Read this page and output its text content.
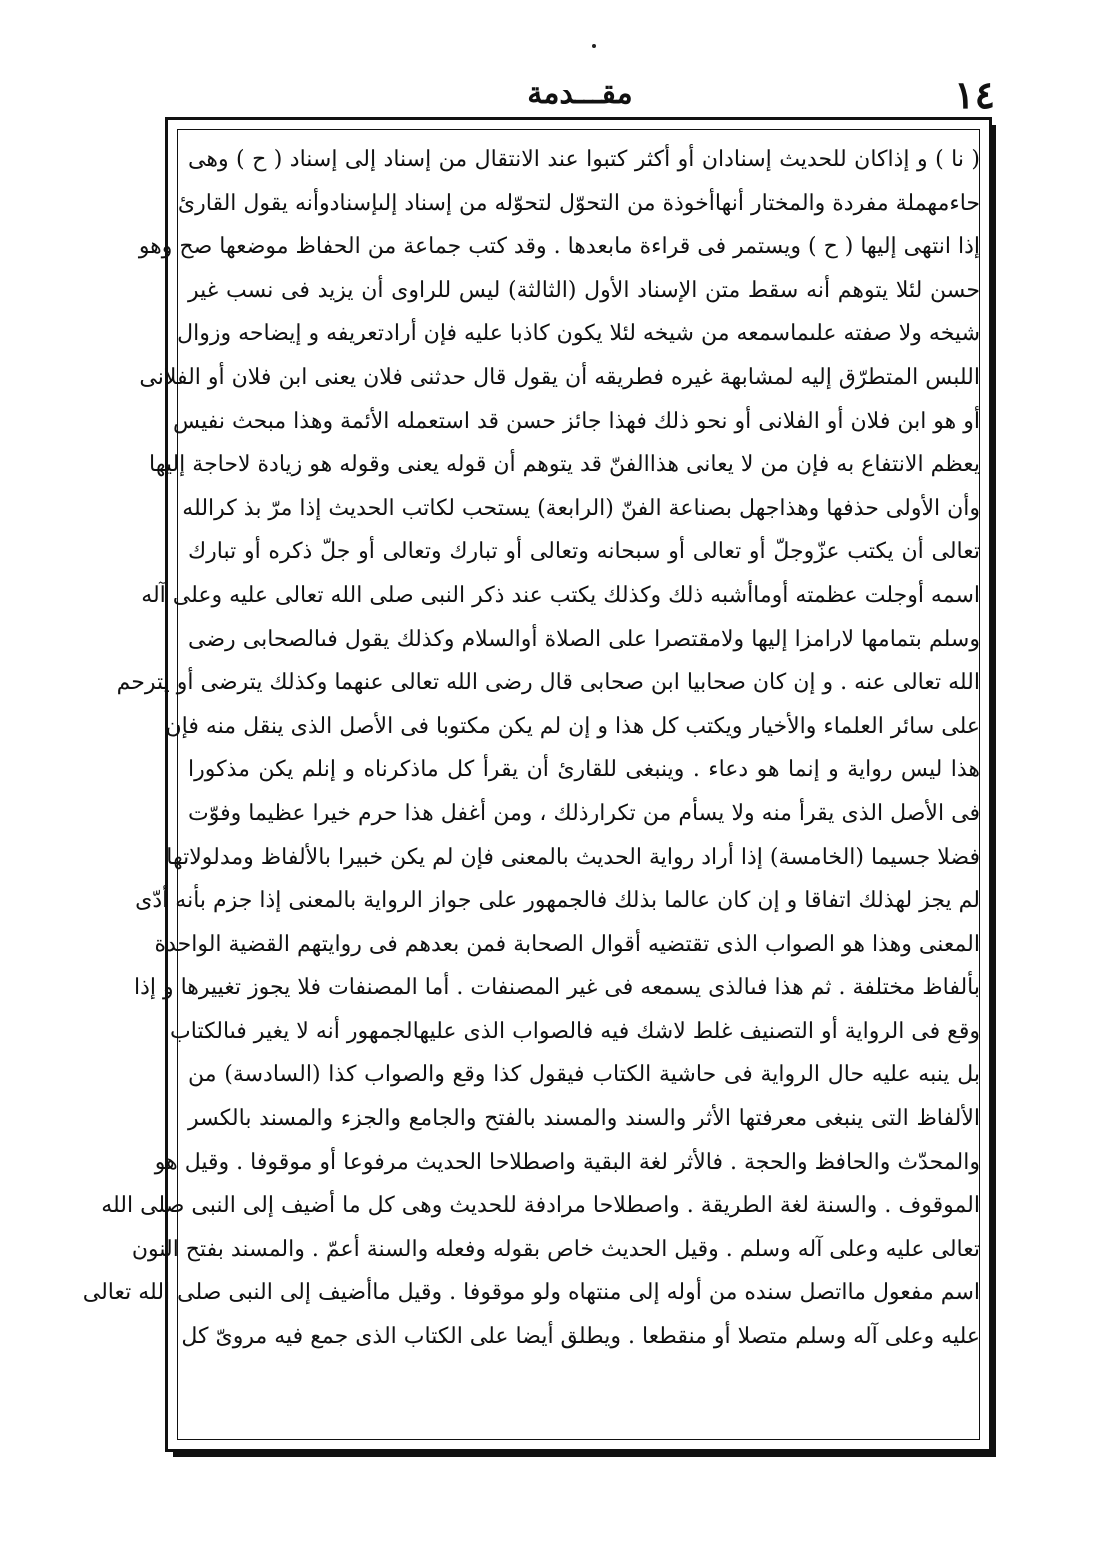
١٤
مقـــدمة
( نا ) و إذاكان للحديث إسنادان أو أكثر كتبوا عند الانتقال من إسناد إلى إسناد ( ح ) وهى
حاءمهملة مفردة والمختار أنهاأخوذة من التحوّل لتحوّله من إسناد إلىإسنادوأنه يقول القارئ
إذا انتهى إليها ( ح ) ويستمر فى قراءة مابعدها . وقد كتب جماعة من الحفاظ موضعها صح وهو
حسن لئلا يتوهم أنه سقط متن الإسناد الأول (الثالثة) ليس للراوى أن يزيد فى نسب غير
شيخه ولا صفته علىماسمعه من شيخه لئلا يكون كاذبا عليه فإن أرادتعريفه و إيضاحه وزوال
اللبس المتطرّق إليه لمشابهة غيره فطريقه أن يقول قال حدثنى فلان يعنى ابن فلان أو الفلانى
أو هو ابن فلان أو الفلانى أو نحو ذلك فهذا جائز حسن قد استعمله الأئمة وهذا مبحث نفيس
يعظم الانتفاع به فإن من لا يعانى هذاالفنّ قد يتوهم أن قوله يعنى وقوله هو زيادة لاحاجة إليها
وأن الأولى حذفها وهذاجهل بصناعة الفنّ (الرابعة) يستحب لكاتب الحديث إذا مرّ بذ كرالله
تعالى أن يكتب عزّوجلّ أو تعالى أو سبحانه وتعالى أو تبارك وتعالى أو جلّ ذكره أو تبارك
اسمه أوجلت عظمته أوماأشبه ذلك وكذلك يكتب عند ذكر النبى صلى الله تعالى عليه وعلى آله
وسلم بتمامها لارامزا إليها ولامقتصرا على الصلاة أوالسلام وكذلك يقول فىالصحابى رضى
الله تعالى عنه . و إن كان صحابيا ابن صحابى قال رضى الله تعالى عنهما وكذلك يترضى أو يترحم
على سائر العلماء والأخيار ويكتب كل هذا و إن لم يكن مكتوبا فى الأصل الذى ينقل منه فإن
هذا ليس رواية و إنما هو دعاء . وينبغى للقارئ أن يقرأ كل ماذكرناه و إنلم يكن مذكورا
فى الأصل الذى يقرأ منه ولا يسأم من تكرارذلك ، ومن أغفل هذا حرم خيرا عظيما وفوّت
فضلا جسيما (الخامسة) إذا أراد رواية الحديث بالمعنى فإن لم يكن خبيرا بالألفاظ ومدلولاتها
لم يجز لهذلك اتفاقا و إن كان عالما بذلك فالجمهور على جواز الرواية بالمعنى إذا جزم بأنه أدّى
المعنى وهذا هو الصواب الذى تقتضيه أقوال الصحابة فمن بعدهم فى روايتهم القضية الواحدة
بألفاظ مختلفة . ثم هذا فىالذى يسمعه فى غير المصنفات . أما المصنفات فلا يجوز تغييرها و إذا
وقع فى الرواية أو التصنيف غلط لاشك فيه فالصواب الذى عليهالجمهور أنه لا يغير فىالكتاب
بل ينبه عليه حال الرواية فى حاشية الكتاب فيقول كذا وقع والصواب كذا (السادسة) من
الألفاظ التى ينبغى معرفتها الأثر والسند والمسند بالفتح والجامع والجزء والمسند بالكسر
والمحدّث والحافظ والحجة . فالأثر لغة البقية واصطلاحا الحديث مرفوعا أو موقوفا . وقيل هو
الموقوف . والسنة لغة الطريقة . واصطلاحا مرادفة للحديث وهى كل ما أضيف إلى النبى صلى الله
تعالى عليه وعلى آله وسلم . وقيل الحديث خاص بقوله وفعله والسنة أعمّ . والمسند بفتح النون
اسم مفعول مااتصل سنده من أوله إلى منتهاه ولو موقوفا . وقيل ماأضيف إلى النبى صلى الله تعالى
عليه وعلى آله وسلم متصلا أو منقطعا . ويطلق أيضا على الكتاب الذى جمع فيه مروىّ كل
